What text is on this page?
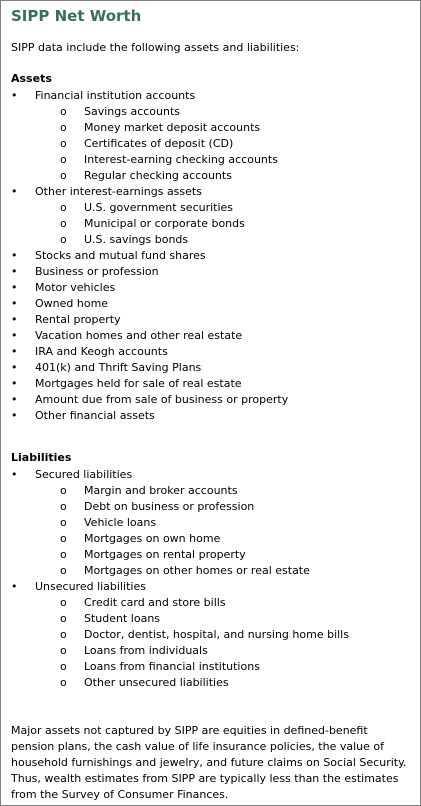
SIPP Net Worth
SIPP data include the following assets and liabilities:
Assets
• Financial institution accounts
o Savings accounts
o Money market deposit accounts
o Certificates of deposit (CD)
o Interest-earning checking accounts
o Regular checking accounts
• Other interest-earnings assets
o U.S. government securities
o Municipal or corporate bonds
o U.S. savings bonds
• Stocks and mutual fund shares
• Business or profession
• Motor vehicles
• Owned home
• Rental property
• Vacation homes and other real estate
• IRA and Keogh accounts
• 401(k) and Thrift Saving Plans
• Mortgages held for sale of real estate
• Amount due from sale of business or property
• Other financial assets
Liabilities
• Secured liabilities
o Margin and broker accounts
o Debt on business or profession
o Vehicle loans
o Mortgages on own home
o Mortgages on rental property
o Mortgages on other homes or real estate
• Unsecured liabilities
o Credit card and store bills
o Student loans
o Doctor, dentist, hospital, and nursing home bills
o Loans from individuals
o Loans from financial institutions
o Other unsecured liabilities
Major assets not captured by SIPP are equities in defined-benefit pension plans, the cash value of life insurance policies, the value of household furnishings and jewelry, and future claims on Social Security. Thus, wealth estimates from SIPP are typically less than the estimates from the Survey of Consumer Finances.
